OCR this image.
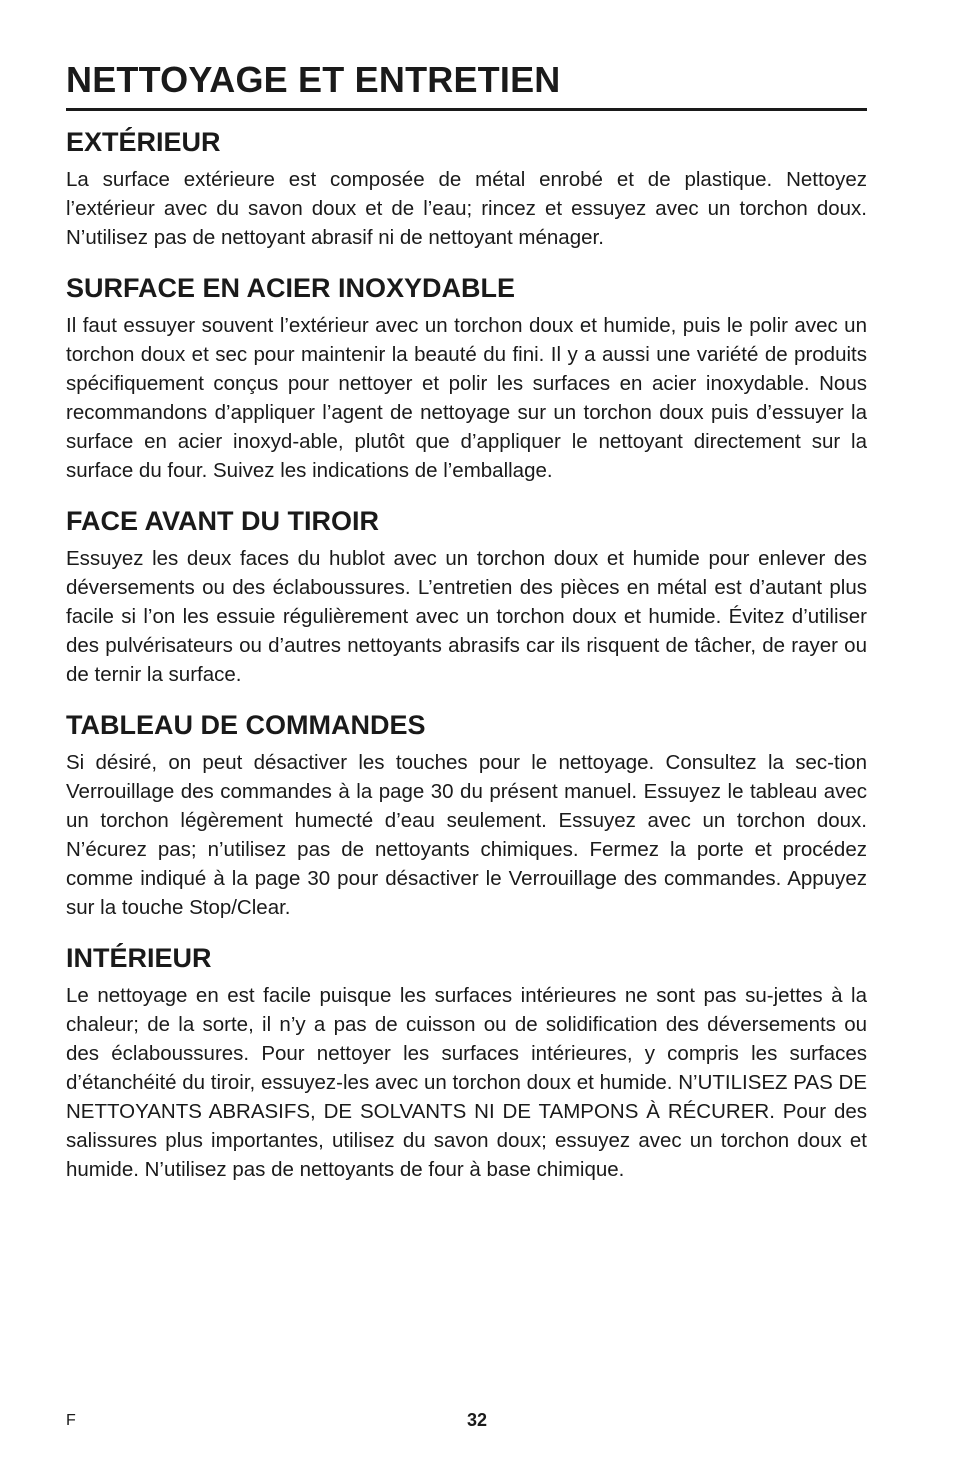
NETTOYAGE ET ENTRETIEN
EXTÉRIEUR

La surface extérieure est composée de métal enrobé et de plastique. Nettoyez l’extérieur avec du savon doux et de l’eau; rincez et essuyez avec un torchon doux. N’utilisez pas de nettoyant abrasif ni de nettoyant ménager.

SURFACE EN ACIER INOXYDABLE

Il faut essuyer souvent l’extérieur avec un torchon doux et humide, puis le polir avec un torchon doux et sec pour maintenir la beauté du fini. Il y a aussi une variété de produits spécifiquement conçus pour nettoyer et polir les surfaces en acier inoxydable. Nous recommandons d’appliquer l’agent de nettoyage sur un torchon doux puis d’essuyer la surface en acier inoxyd-able, plutôt que d’appliquer le nettoyant directement sur la surface du four. Suivez les indications de l’emballage.

FACE AVANT DU TIROIR

Essuyez les deux faces du hublot avec un torchon doux et humide pour enlever des déversements ou des éclaboussures. L’entretien des pièces en métal est d’autant plus facile si l’on les essuie régulièrement avec un torchon doux et humide. Évitez d’utiliser des pulvérisateurs ou d’autres nettoyants abrasifs car ils risquent de tâcher, de rayer ou de ternir la surface.

TABLEAU DE COMMANDES

Si désiré, on peut désactiver les touches pour le nettoyage. Consultez la sec-tion Verrouillage des commandes à la page 30 du présent manuel. Essuyez le tableau avec un torchon légèrement humecté d’eau seulement. Essuyez avec un torchon doux. N’écurez pas; n’utilisez pas de nettoyants chimiques. Fermez la porte et procédez comme indiqué à la page 30 pour désactiver le Verrouillage des commandes. Appuyez sur la touche Stop/Clear.

INTÉRIEUR

Le nettoyage en est facile puisque les surfaces intérieures ne sont pas su-jettes à la chaleur; de la sorte, il n’y a pas de cuisson ou de solidification des déversements ou des éclaboussures. Pour nettoyer les surfaces intérieures, y compris les surfaces d’étanchéité du tiroir, essuyez-les avec un torchon doux et humide. N’UTILISEZ PAS DE NETTOYANTS ABRASIFS, DE SOLVANTS NI DE TAMPONS À RÉCURER. Pour des salissures plus importantes, utilisez du savon doux; essuyez avec un torchon doux et humide. N’utilisez pas de nettoyants de four à base chimique.

F	32
